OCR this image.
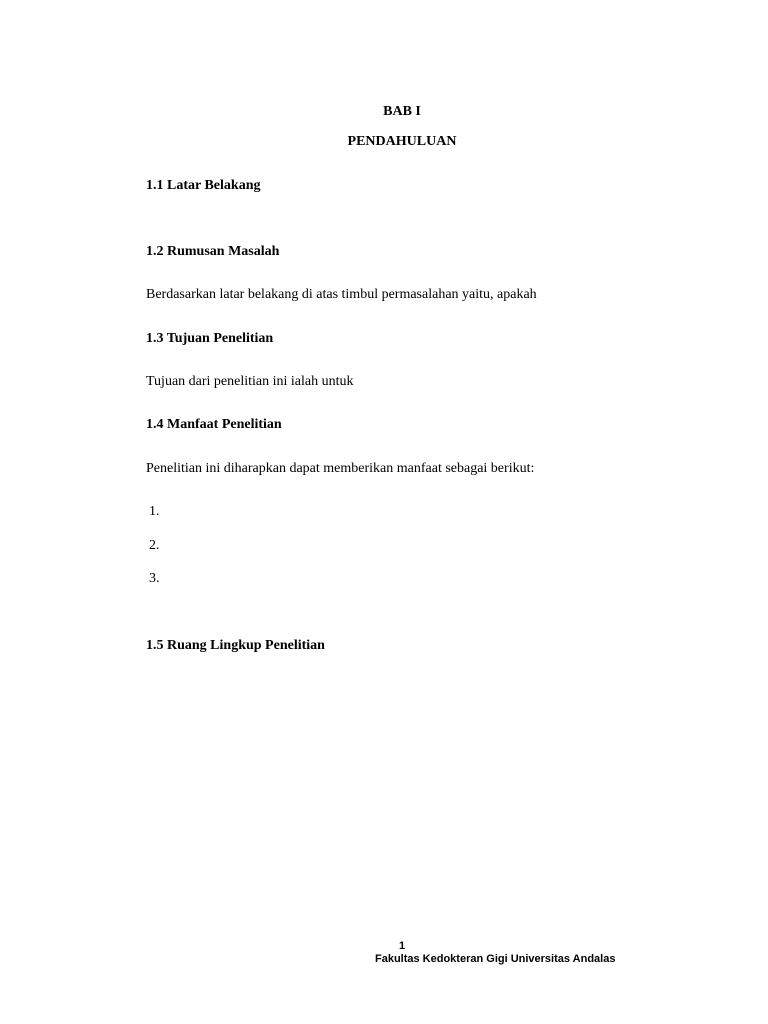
BAB I
PENDAHULUAN
1.1 Latar Belakang
1.2 Rumusan Masalah
Berdasarkan latar belakang di atas timbul permasalahan yaitu, apakah
1.3 Tujuan Penelitian
Tujuan dari penelitian ini ialah untuk
1.4 Manfaat Penelitian
Penelitian ini diharapkan dapat memberikan manfaat sebagai berikut:
1.
2.
3.
1.5 Ruang Lingkup Penelitian
1
Fakultas Kedokteran Gigi Universitas Andalas
